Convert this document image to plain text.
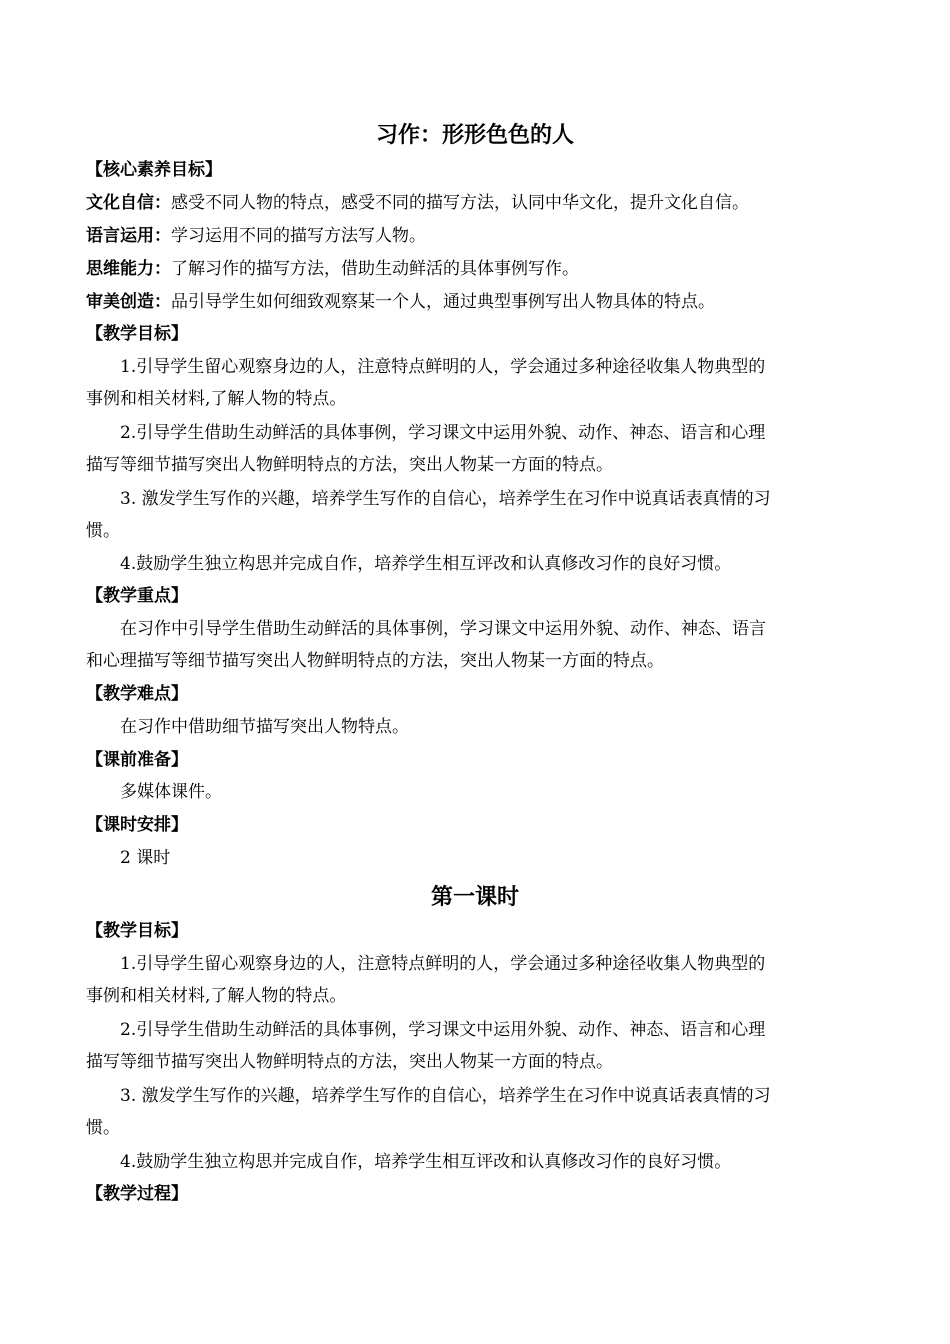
习作：形形色色的人
【核心素养目标】
文化自信：感受不同人物的特点，感受不同的描写方法，认同中华文化，提升文化自信。
语言运用：学习运用不同的描写方法写人物。
思维能力：了解习作的描写方法，借助生动鲜活的具体事例写作。
审美创造：品引导学生如何细致观察某一个人，通过典型事例写出人物具体的特点。
【教学目标】
1.引导学生留心观察身边的人，注意特点鲜明的人，学会通过多种途径收集人物典型的
事例和相关材料,了解人物的特点。
2.引导学生借助生动鲜活的具体事例，学习课文中运用外貌、动作、神态、语言和心理
描写等细节描写突出人物鲜明特点的方法，突出人物某一方面的特点。
3. 激发学生写作的兴趣，培养学生写作的自信心，培养学生在习作中说真话表真情的习
惯。
4.鼓励学生独立构思并完成自作，培养学生相互评改和认真修改习作的良好习惯。
【教学重点】
在习作中引导学生借助生动鲜活的具体事例，学习课文中运用外貌、动作、神态、语言
和心理描写等细节描写突出人物鲜明特点的方法，突出人物某一方面的特点。
【教学难点】
在习作中借助细节描写突出人物特点。
【课前准备】
多媒体课件。
【课时安排】
2 课时
第一课时
【教学目标】
1.引导学生留心观察身边的人，注意特点鲜明的人，学会通过多种途径收集人物典型的
事例和相关材料,了解人物的特点。
2.引导学生借助生动鲜活的具体事例，学习课文中运用外貌、动作、神态、语言和心理
描写等细节描写突出人物鲜明特点的方法，突出人物某一方面的特点。
3. 激发学生写作的兴趣，培养学生写作的自信心，培养学生在习作中说真话表真情的习
惯。
4.鼓励学生独立构思并完成自作，培养学生相互评改和认真修改习作的良好习惯。
【教学过程】
